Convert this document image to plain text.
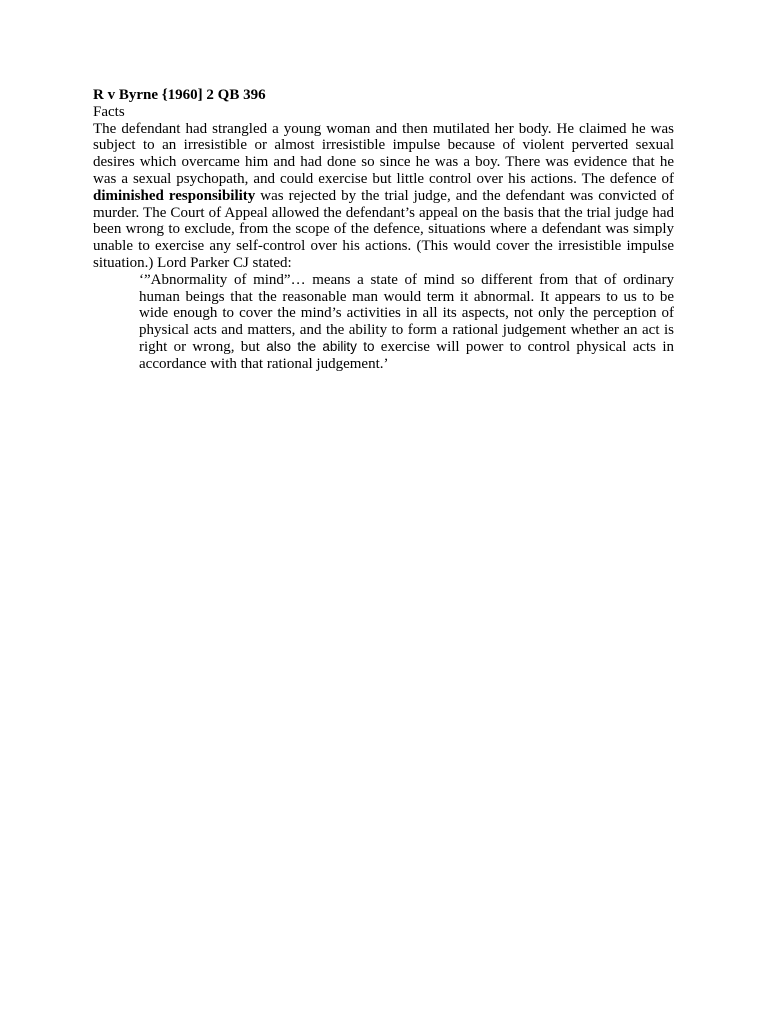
R v Byrne {1960] 2 QB 396

Facts

The defendant had strangled a young woman and then mutilated her body. He claimed he was subject to an irresistible or almost irresistible impulse because of violent perverted sexual desires which overcame him and had done so since he was a boy. There was evidence that he was a sexual psychopath, and could exercise but little control over his actions. The defence of diminished responsibility was rejected by the trial judge, and the defendant was convicted of murder. The Court of Appeal allowed the defendant’s appeal on the basis that the trial judge had been wrong to exclude, from the scope of the defence, situations where a defendant was simply unable to exercise any self-control over his actions. (This would cover the irresistible impulse situation.) Lord Parker CJ stated:

‘”Abnormality of mind”… means a state of mind so different from that of ordinary human beings that the reasonable man would term it abnormal. It appears to us to be wide enough to cover the mind’s activities in all its aspects, not only the perception of physical acts and matters, and the ability to form a rational judgement whether an act is right or wrong, but also the ability to exercise will power to control physical acts in accordance with that rational judgement.’
